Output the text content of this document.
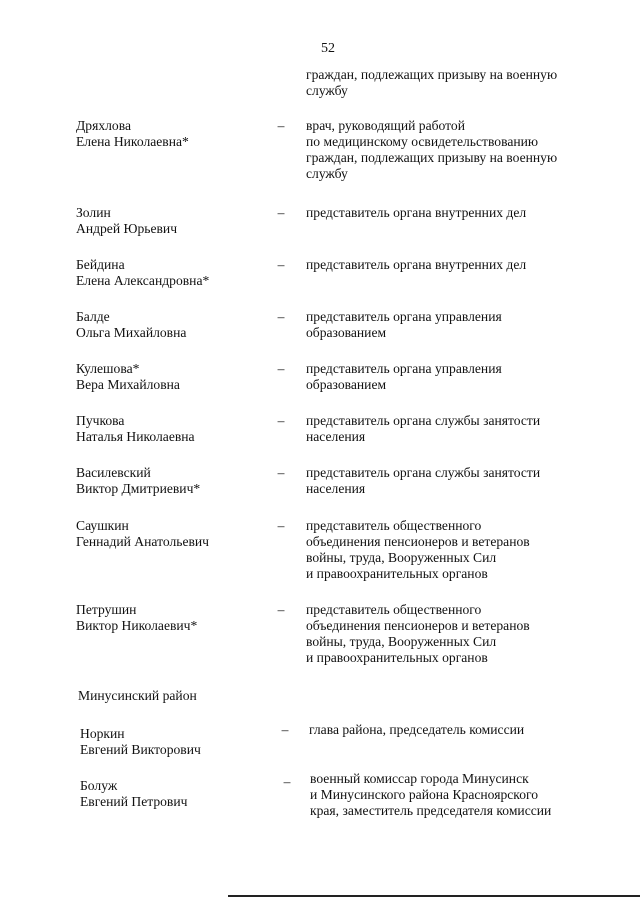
52
граждан, подлежащих призыву на военную
службу
Дряхлова
Елена Николаевна*
– врач, руководящий работой
по медицинскому освидетельствованию
граждан, подлежащих призыву на военную
службу
Золин
Андрей Юрьевич
– представитель органа внутренних дел
Бейдина
Елена Александровна*
– представитель органа внутренних дел
Балде
Ольга Михайловна
– представитель органа управления
образованием
Кулешова*
Вера Михайловна
– представитель органа управления
образованием
Пучкова
Наталья Николаевна
– представитель органа службы занятости
населения
Василевский
Виктор Дмитриевич*
– представитель органа службы занятости
населения
Саушкин
Геннадий Анатольевич
– представитель общественного
объединения пенсионеров и ветеранов
войны, труда, Вооруженных Сил
и правоохранительных органов
Петрушин
Виктор Николаевич*
– представитель общественного
объединения пенсионеров и ветеранов
войны, труда, Вооруженных Сил
и правоохранительных органов
Минусинский район
Норкин
Евгений Викторович
– глава района, председатель комиссии
Болуж
Евгений Петрович
– военный комиссар города Минусинск
и Минусинского района Красноярского
края, заместитель председателя комиссии
